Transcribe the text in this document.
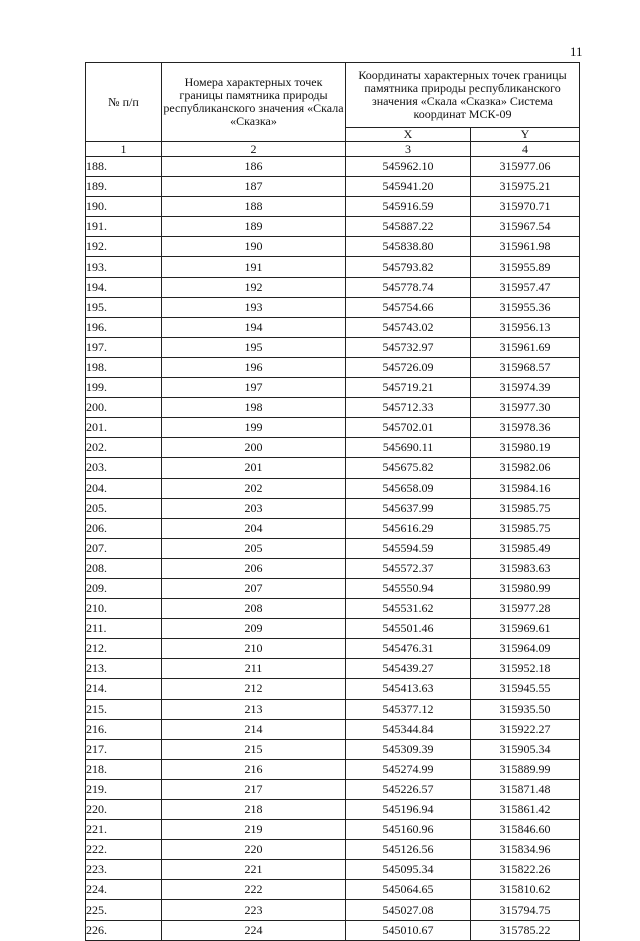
11
№ п/п	Номера характерных точек границы памятника природы республиканского значения «Скала «Сказка»	Координаты характерных точек границы памятника природы республиканского значения «Скала «Сказка» Система координат МСК-09	
		X	Y
1	2	3	4
188.	186	545962.10	315977.06
189.	187	545941.20	315975.21
190.	188	545916.59	315970.71
191.	189	545887.22	315967.54
192.	190	545838.80	315961.98
193.	191	545793.82	315955.89
194.	192	545778.74	315957.47
195.	193	545754.66	315955.36
196.	194	545743.02	315956.13
197.	195	545732.97	315961.69
198.	196	545726.09	315968.57
199.	197	545719.21	315974.39
200.	198	545712.33	315977.30
201.	199	545702.01	315978.36
202.	200	545690.11	315980.19
203.	201	545675.82	315982.06
204.	202	545658.09	315984.16
205.	203	545637.99	315985.75
206.	204	545616.29	315985.75
207.	205	545594.59	315985.49
208.	206	545572.37	315983.63
209.	207	545550.94	315980.99
210.	208	545531.62	315977.28
211.	209	545501.46	315969.61
212.	210	545476.31	315964.09
213.	211	545439.27	315952.18
214.	212	545413.63	315945.55
215.	213	545377.12	315935.50
216.	214	545344.84	315922.27
217.	215	545309.39	315905.34
218.	216	545274.99	315889.99
219.	217	545226.57	315871.48
220.	218	545196.94	315861.42
221.	219	545160.96	315846.60
222.	220	545126.56	315834.96
223.	221	545095.34	315822.26
224.	222	545064.65	315810.62
225.	223	545027.08	315794.75
226.	224	545010.67	315785.22
